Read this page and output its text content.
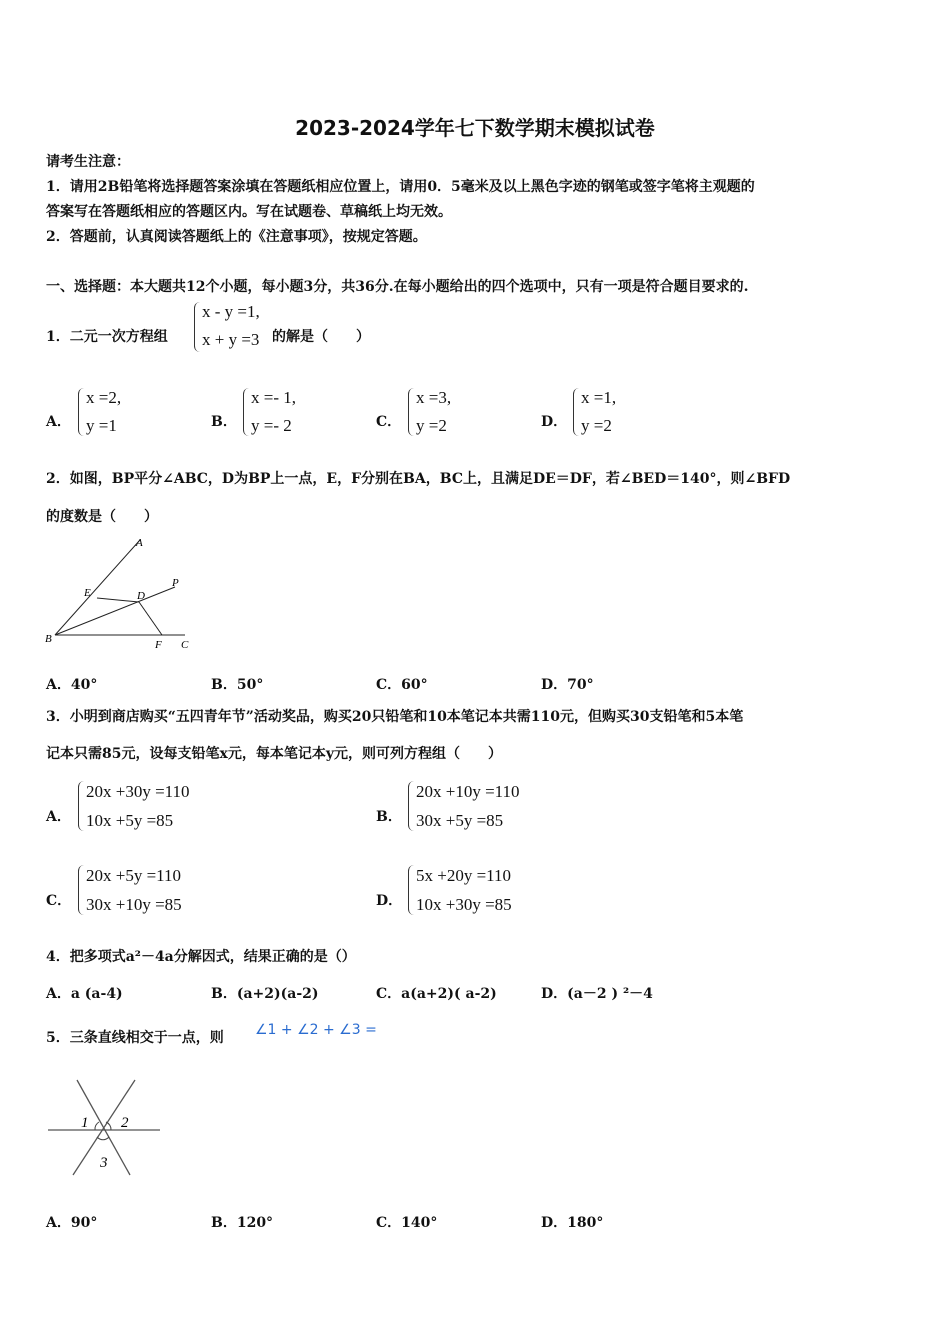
2023-2024学年七下数学期末模拟试卷
请考生注意：
1．请用2B铅笔将选择题答案涂填在答题纸相应位置上，请用0．5毫米及以上黑色字迹的钢笔或签字笔将主观题的
答案写在答题纸相应的答题区内。写在试题卷、草稿纸上均无效。
2．答题前，认真阅读答题纸上的《注意事项》，按规定答题。
一、选择题：本大题共12个小题，每小题3分，共36分.在每小题给出的四个选项中，只有一项是符合题目要求的.
1．二元一次方程组
x - y =1,
x + y =3 的解是（　　）
A．
x =2,
y =1	B．
x =- 1,
y =- 2	C．
x =3,
y =2	D．
x =1,
y =2
2．如图，BP平分∠ABC，D为BP上一点，E，F分别在BA，BC上，且满足DE＝DF，若∠BED＝140°，则∠BFD
的度数是（　　）
A
P
E	D
B	F C
A．40°	B．50°	C．60°	D．70°
3．小明到商店购买“五四青年节”活动奖品，购买20只铅笔和10本笔记本共需110元，但购买30支铅笔和5本笔
记本只需85元，设每支铅笔x元，每本笔记本y元，则可列方程组（　　）
A．
20x +30y =110
10x +5y =85	B．
20x +10y =110
30x +5y =85
C．
20x +5y =110
30x +10y =85	D．
5x +20y =110
10x +30y =85
4．把多项式a²－4a分解因式，结果正确的是（）
A．a (a-4)	B．(a+2)(a-2)	C．a(a+2)( a-2)	D．(a－2 ) ²－4
5．三条直线相交于一点，则 ∠1 + ∠2 + ∠3 =
1 2
3
A．90°	B．120°	C．140°	D．180°
